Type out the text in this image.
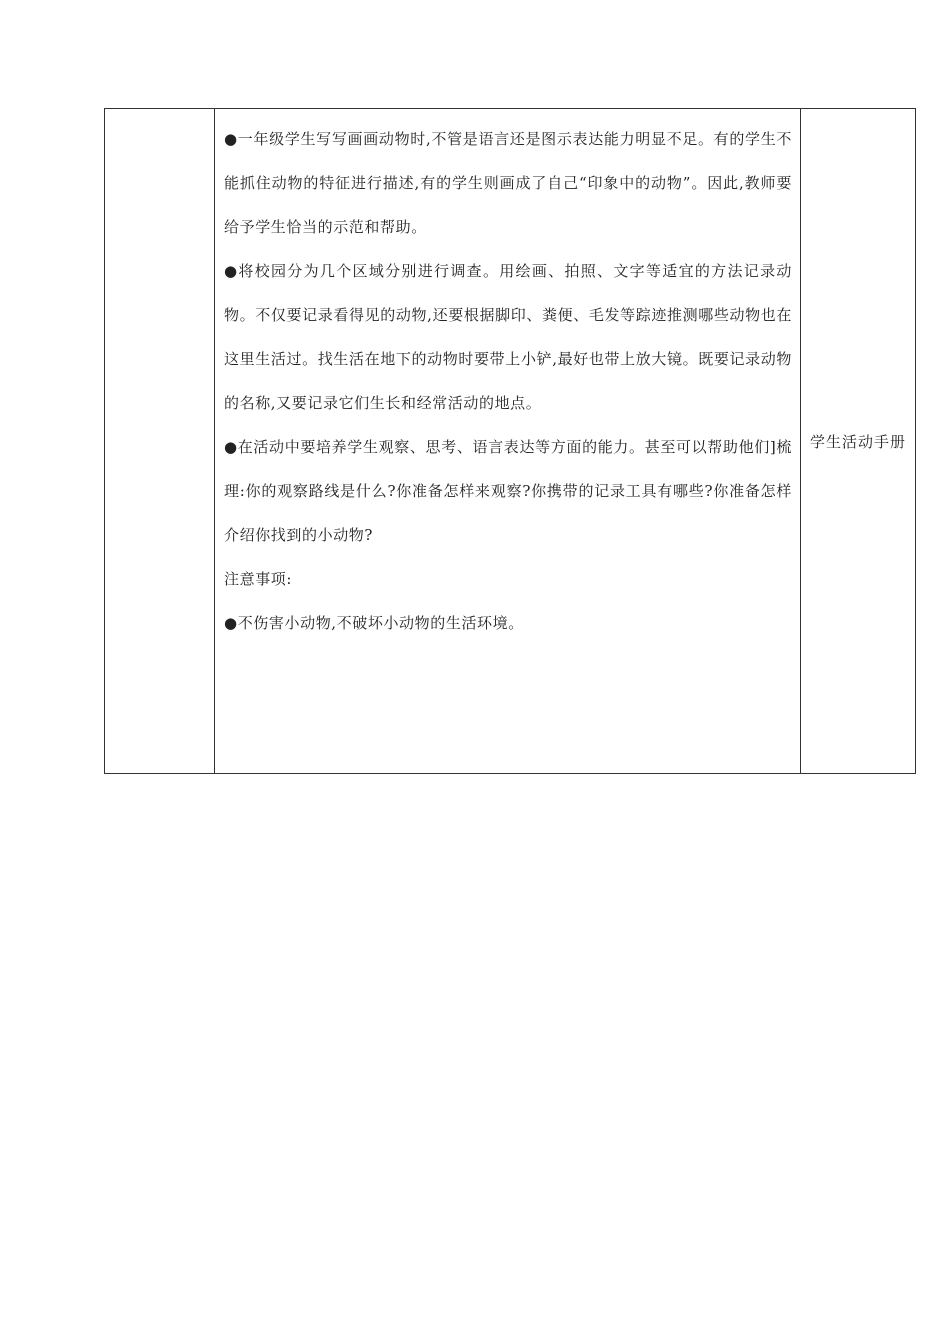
●一年级学生写写画画动物时,不管是语言还是图示表达能力明显不足。有的学生不能抓住动物的特征进行描述,有的学生则画成了自己“印象中的动物”。因此,教师要给予学生恰当的示范和帮助。

●将校园分为几个区域分别进行调查。用绘画、拍照、文字等适宜的方法记录动物。不仅要记录看得见的动物,还要根据脚印、粪便、毛发等踪迹推测哪些动物也在这里生活过。找生活在地下的动物时要带上小铲,最好也带上放大镜。既要记录动物的名称,又要记录它们生长和经常活动的地点。

●在活动中要培养学生观察、思考、语言表达等方面的能力。甚至可以帮助他们]梳理:你的观察路线是什么?你准备怎样来观察?你携带的记录工具有哪些?你准备怎样介绍你找到的小动物?

注意事项:

●不伤害小动物,不破坏小动物的生活环境。

	学生活动手册
